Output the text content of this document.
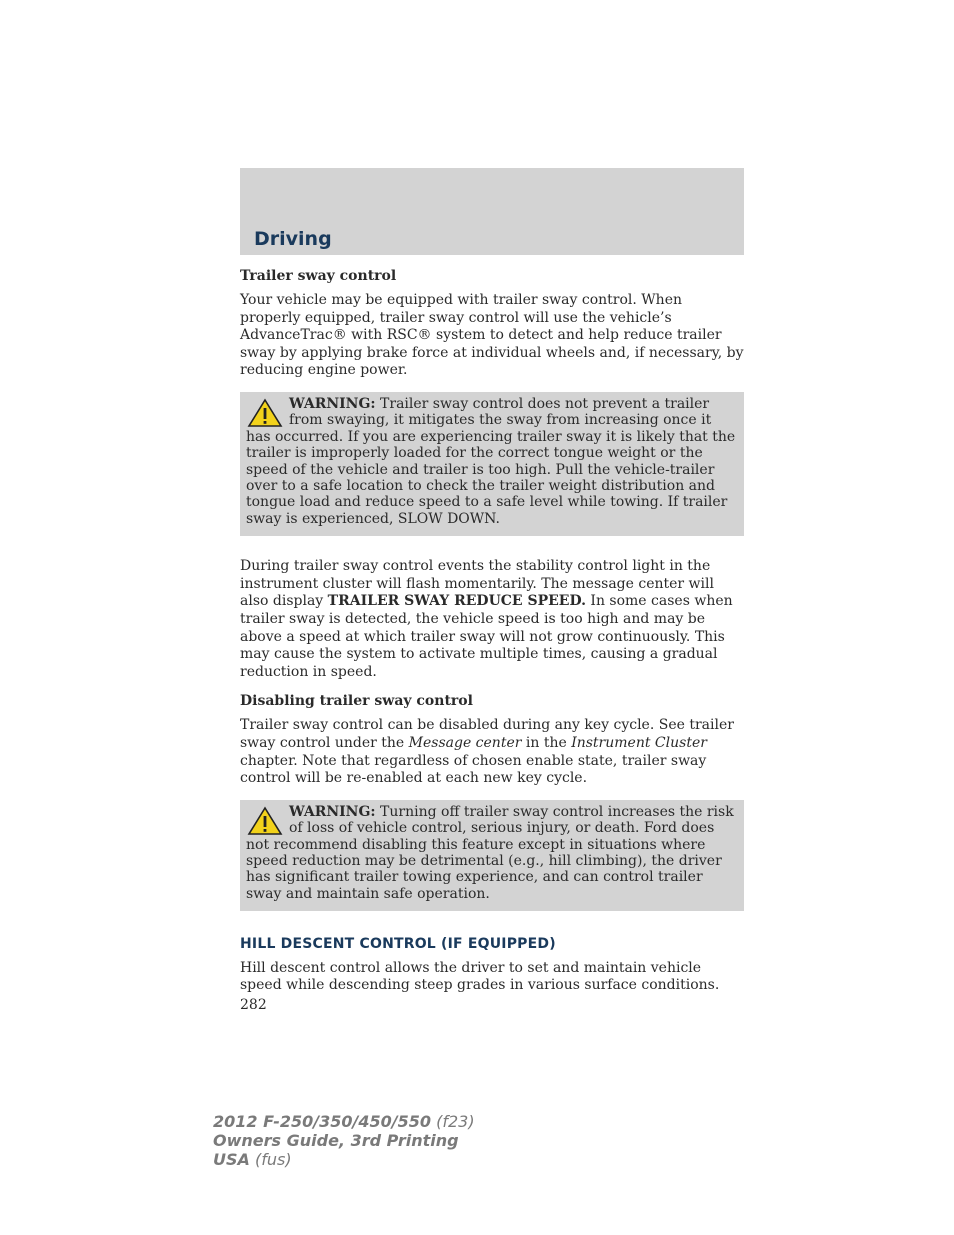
Driving
Trailer sway control

Your vehicle may be equipped with trailer sway control. When properly equipped, trailer sway control will use the vehicle’s AdvanceTrac® with RSC® system to detect and help reduce trailer sway by applying brake force at individual wheels and, if necessary, by reducing engine power.

WARNING: Trailer sway control does not prevent a trailer from swaying, it mitigates the sway from increasing once it has occurred. If you are experiencing trailer sway it is likely that the trailer is improperly loaded for the correct tongue weight or the speed of the vehicle and trailer is too high. Pull the vehicle-trailer over to a safe location to check the trailer weight distribution and tongue load and reduce speed to a safe level while towing. If trailer sway is experienced, SLOW DOWN.

During trailer sway control events the stability control light in the instrument cluster will flash momentarily. The message center will also display TRAILER SWAY REDUCE SPEED. In some cases when trailer sway is detected, the vehicle speed is too high and may be above a speed at which trailer sway will not grow continuously. This may cause the system to activate multiple times, causing a gradual reduction in speed.

Disabling trailer sway control

Trailer sway control can be disabled during any key cycle. See trailer sway control under the Message center in the Instrument Cluster chapter. Note that regardless of chosen enable state, trailer sway control will be re-enabled at each new key cycle.

WARNING: Turning off trailer sway control increases the risk of loss of vehicle control, serious injury, or death. Ford does not recommend disabling this feature except in situations where speed reduction may be detrimental (e.g., hill climbing), the driver has significant trailer towing experience, and can control trailer sway and maintain safe operation.
HILL DESCENT CONTROL (IF EQUIPPED)

Hill descent control allows the driver to set and maintain vehicle speed while descending steep grades in various surface conditions.

282
2012 F-250/350/450/550 (f23)
Owners Guide, 3rd Printing
USA (fus)
